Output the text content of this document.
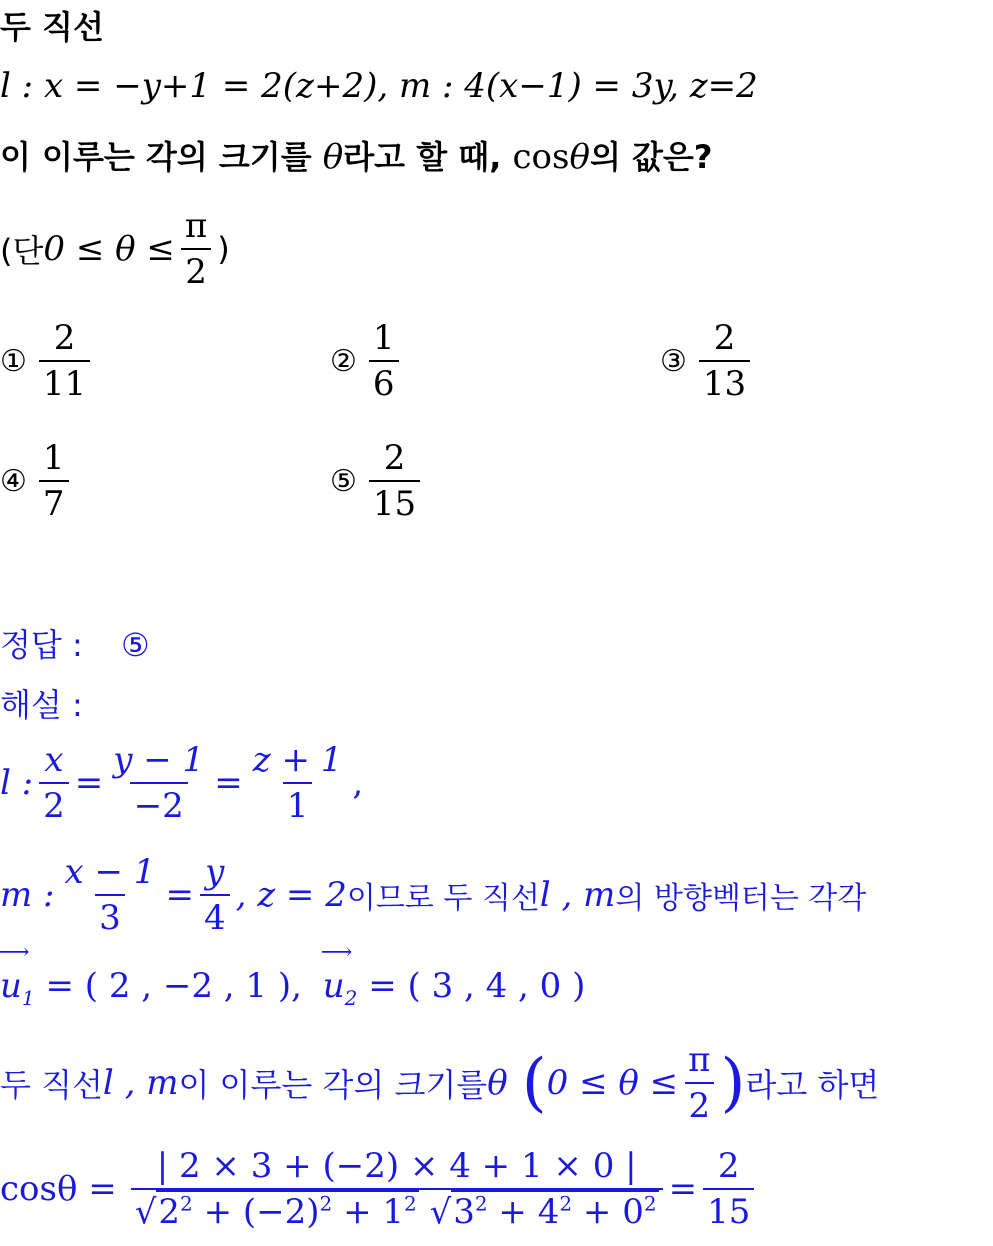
두 직선
l : x = −y+1 = 2(z+2), m : 4(x−1) = 3y, z=2
이 이루는 각의 크기를 θ라고 할 때, cosθ의 값은?
(단 $0 \le \theta \le \frac{\pi}{2}$ )
① $\frac{2}{11}$	② $\frac{1}{6}$	③ $\frac{2}{13}$
④ $\frac{1}{7}$	⑤ $\frac{2}{15}$
정답 : ⑤
해설 :
l : $\frac{x}{2} = \frac{y - 1}{-2} = \frac{z + 1}{1}$ ,
m : $\frac{x - 1}{3} = \frac{y}{4}$ , z = 2 이므로 두 직선 l , m 의 방향벡터는 각각
⟶ $u_1$ = ( 2 , −2 , 1 ), ⟶ $u_2$ = ( 3 , 4 , 0 )
두 직선 l , m 이 이루는 각의 크기를 θ ( $0 \le \theta \le \frac{\pi}{2}$ ) 라고 하면
$\cos\theta = \frac{| 2 \times 3 + (-2) \times 4 + 1 \times 0 |}{√2^2 + (-2)^2 + 1^2 √3^2 + 4^2 + 0^2} = \frac{2}{15}$
